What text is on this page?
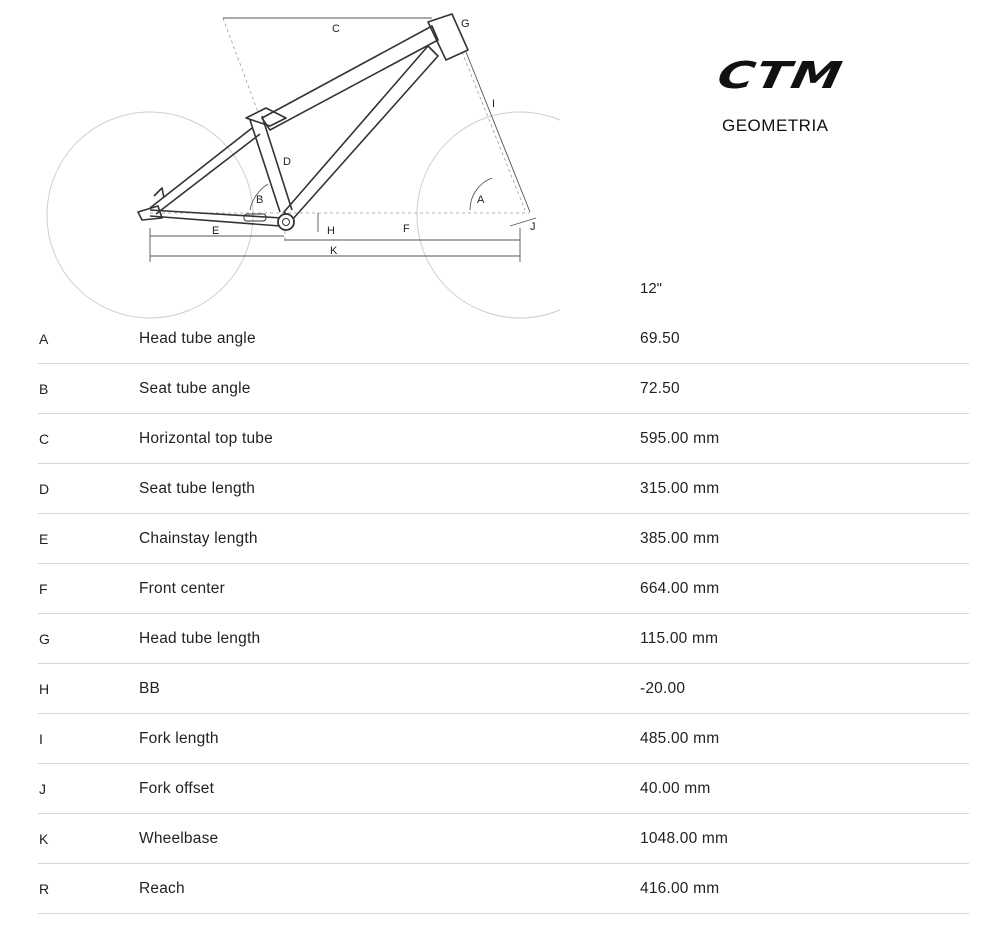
C	G
I
D
B	A
H	J
E	F
K
CTM
GEOMETRIA
12"
A	Head tube angle	69.50
B	Seat tube angle	72.50
C	Horizontal top tube	595.00 mm
D	Seat tube length	315.00 mm
E	Chainstay length	385.00 mm
F	Front center	664.00 mm
G	Head tube length	115.00 mm
H	BB	-20.00
I	Fork length	485.00 mm
J	Fork offset	40.00 mm
K	Wheelbase	1048.00 mm
R	Reach	416.00 mm
